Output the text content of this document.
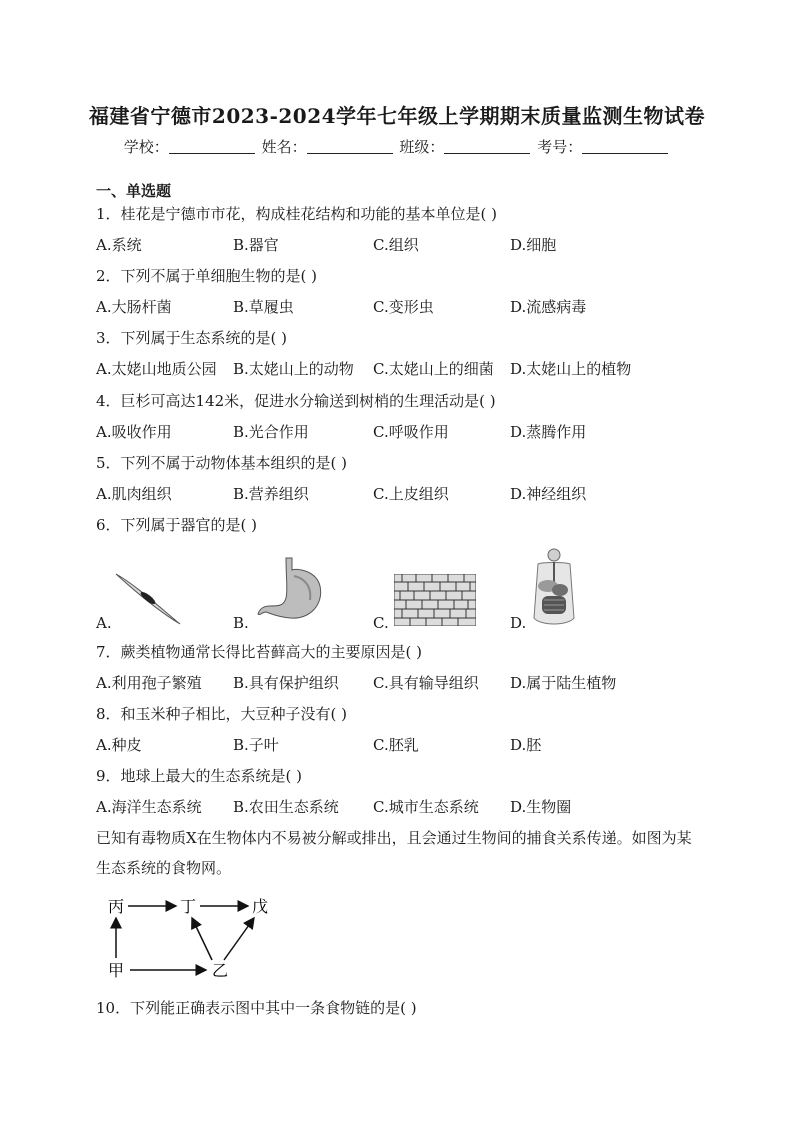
福建省宁德市2023-2024学年七年级上学期期末质量监测生物试卷
学校：	姓名：	班级：	考号：
一、单选题
1．桂花是宁德市市花，构成桂花结构和功能的基本单位是( )
A.系统	B.器官	C.组织	D.细胞
2．下列不属于单细胞生物的是( )
A.大肠杆菌	B.草履虫	C.变形虫	D.流感病毒
3．下列属于生态系统的是( )
A.太姥山地质公园 B.太姥山上的动物 C.太姥山上的细菌 D.太姥山上的植物
4．巨杉可高达142米，促进水分输送到树梢的生理活动是( )
A.吸收作用	B.光合作用	C.呼吸作用	D.蒸腾作用
5．下列不属于动物体基本组织的是( )
A.肌肉组织	B.营养组织	C.上皮组织	D.神经组织
6．下列属于器官的是( )
A.	B.	C.	D.
7．蕨类植物通常长得比苔藓高大的主要原因是( )
A.利用孢子繁殖 B.具有保护组织 C.具有输导组织 D.属于陆生植物
8．和玉米种子相比，大豆种子没有( )
A.种皮	B.子叶	C.胚乳	D.胚
9．地球上最大的生态系统是( )
A.海洋生态系统 B.农田生态系统 C.城市生态系统 D.生物圈
已知有毒物质X在生物体内不易被分解或排出，且会通过生物间的捕食关系传递。如图为某生态系统的食物网。
丙	丁	戊
甲	乙
10．下列能正确表示图中其中一条食物链的是( )
